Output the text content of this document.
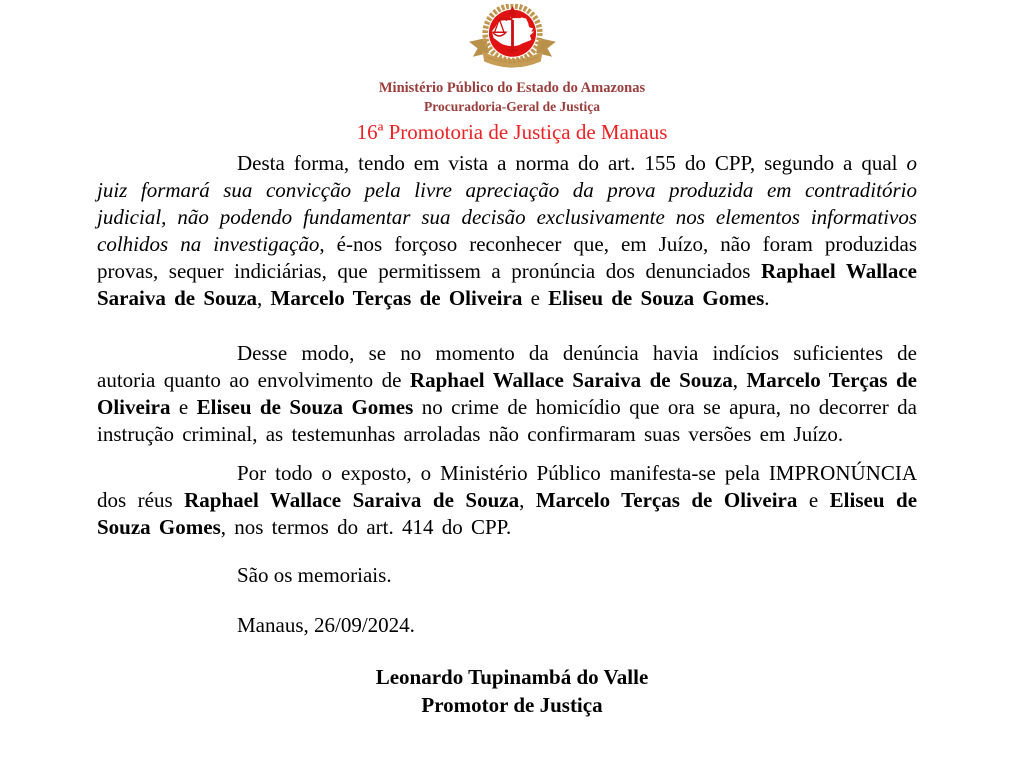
Ministério Público do Estado do Amazonas
Procuradoria-Geral de Justiça
16ª Promotoria de Justiça de Manaus

Desta forma, tendo em vista a norma do art. 155 do CPP, segundo a qual o juiz formará sua convicção pela livre apreciação da prova produzida em contraditório judicial, não podendo fundamentar sua decisão exclusivamente nos elementos informativos colhidos na investigação, é-nos forçoso reconhecer que, em Juízo, não foram produzidas provas, sequer indiciárias, que permitissem a pronúncia dos denunciados Raphael Wallace Saraiva de Souza, Marcelo Terças de Oliveira e Eliseu de Souza Gomes.

Desse modo, se no momento da denúncia havia indícios suficientes de autoria quanto ao envolvimento de Raphael Wallace Saraiva de Souza, Marcelo Terças de Oliveira e Eliseu de Souza Gomes no crime de homicídio que ora se apura, no decorrer da instrução criminal, as testemunhas arroladas não confirmaram suas versões em Juízo.

Por todo o exposto, o Ministério Público manifesta-se pela IMPRONÚNCIA dos réus Raphael Wallace Saraiva de Souza, Marcelo Terças de Oliveira e Eliseu de Souza Gomes, nos termos do art. 414 do CPP.

São os memoriais.

Manaus, 26/09/2024.

Leonardo Tupinambá do Valle
Promotor de Justiça
